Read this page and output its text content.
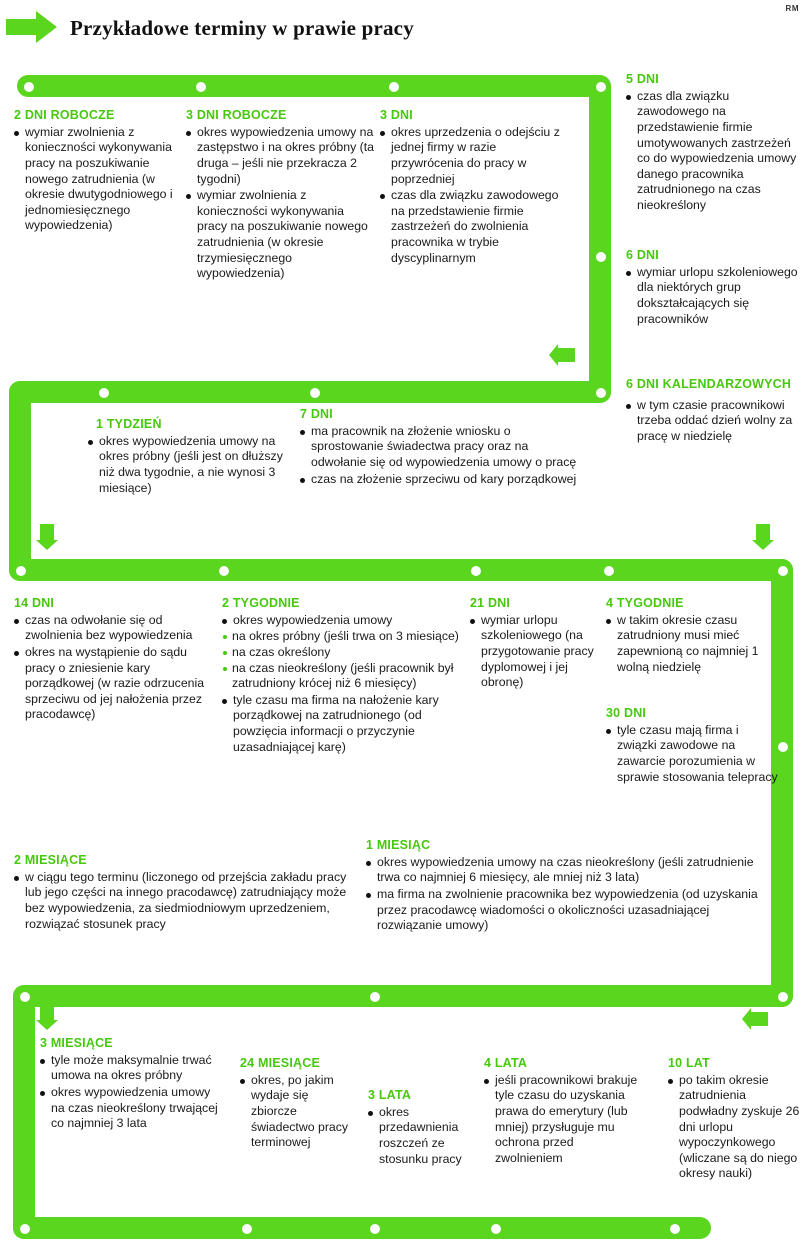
RM
Przykładowe terminy w prawie pracy
2 DNI ROBOCZE
wymiar zwolnienia z konieczności wykonywania pracy na poszukiwanie nowego zatrudnienia (w okresie dwutygodniowego i jednomiesięcznego wypowiedzenia)
3 DNI ROBOCZE
okres wypowiedzenia umowy na zastępstwo i na okres próbny (ta druga – jeśli nie przekracza 2 tygodni)
wymiar zwolnienia z konieczności wykonywania pracy na poszukiwanie nowego zatrudnienia (w okresie trzymiesięcznego wypowiedzenia)
3 DNI
okres uprzedzenia o odejściu z jednej firmy w razie przywrócenia do pracy w poprzedniej
czas dla związku zawodowego na przedstawienie firmie zastrzeżeń do zwolnienia pracownika w trybie dyscyplinarnym
5 DNI
czas dla związku zawodowego na przedstawienie firmie umotywowanych zastrzeżeń co do wypowiedzenia umowy danego pracownika zatrudnionego na czas nieokreślony
6 DNI
wymiar urlopu szkoleniowego dla niektórych grup dokształcających się pracowników
6 DNI KALENDARZOWYCH
w tym czasie pracownikowi trzeba oddać dzień wolny za pracę w niedzielę
1 TYDZIEŃ
okres wypowiedzenia umowy na okres próbny (jeśli jest on dłuższy niż dwa tygodnie, a nie wynosi 3 miesiące)
7 DNI
ma pracownik na złożenie wniosku o sprostowanie świadectwa pracy oraz na odwołanie się od wypowiedzenia umowy o pracę
czas na złożenie sprzeciwu od kary porządkowej
14 DNI
czas na odwołanie się od zwolnienia bez wypowiedzenia
okres na wystąpienie do sądu pracy o zniesienie kary porządkowej (w razie odrzucenia sprzeciwu od jej nałożenia przez pracodawcę)
2 TYGODNIE
okres wypowiedzenia umowy
na okres próbny (jeśli trwa on 3 miesiące)
na czas określony
na czas nieokreślony (jeśli pracownik był zatrudniony krócej niż 6 miesięcy)
tyle czasu ma firma na nałożenie kary porządkowej na zatrudnionego (od powzięcia informacji o przyczynie uzasadniającej karę)
21 DNI
wymiar urlopu szkoleniowego (na przygotowanie pracy dyplomowej i jej obronę)
4 TYGODNIE
w takim okresie czasu zatrudniony musi mieć zapewnioną co najmniej 1 wolną niedzielę
30 DNI
tyle czasu mają firma i związki zawodowe na zawarcie porozumienia w sprawie stosowania telepracy
2 MIESIĄCE
w ciągu tego terminu (liczonego od przejścia zakładu pracy lub jego części na innego pracodawcę) zatrudniający może bez wypowiedzenia, za siedmiodniowym uprzedzeniem, rozwiązać stosunek pracy
1 MIESIĄC
okres wypowiedzenia umowy na czas nieokreślony (jeśli zatrudnienie trwa co najmniej 6 miesięcy, ale mniej niż 3 lata)
ma firma na zwolnienie pracownika bez wypowiedzenia (od uzyskania przez pracodawcę wiadomości o okoliczności uzasadniającej rozwiązanie umowy)
3 MIESIĄCE
tyle może maksymalnie trwać umowa na okres próbny
okres wypowiedzenia umowy na czas nieokreślony trwającej co najmniej 3 lata
24 MIESIĄCE
okres, po jakim wydaje się zbiorcze świadectwo pracy terminowej
3 LATA
okres przedawnienia roszczeń ze stosunku pracy
4 LATA
jeśli pracownikowi brakuje tyle czasu do uzyskania prawa do emerytury (lub mniej) przysługuje mu ochrona przed zwolnieniem
10 LAT
po takim okresie zatrudnienia podwładny zyskuje 26 dni urlopu wypoczynkowego (wliczane są do niego okresy nauki)
